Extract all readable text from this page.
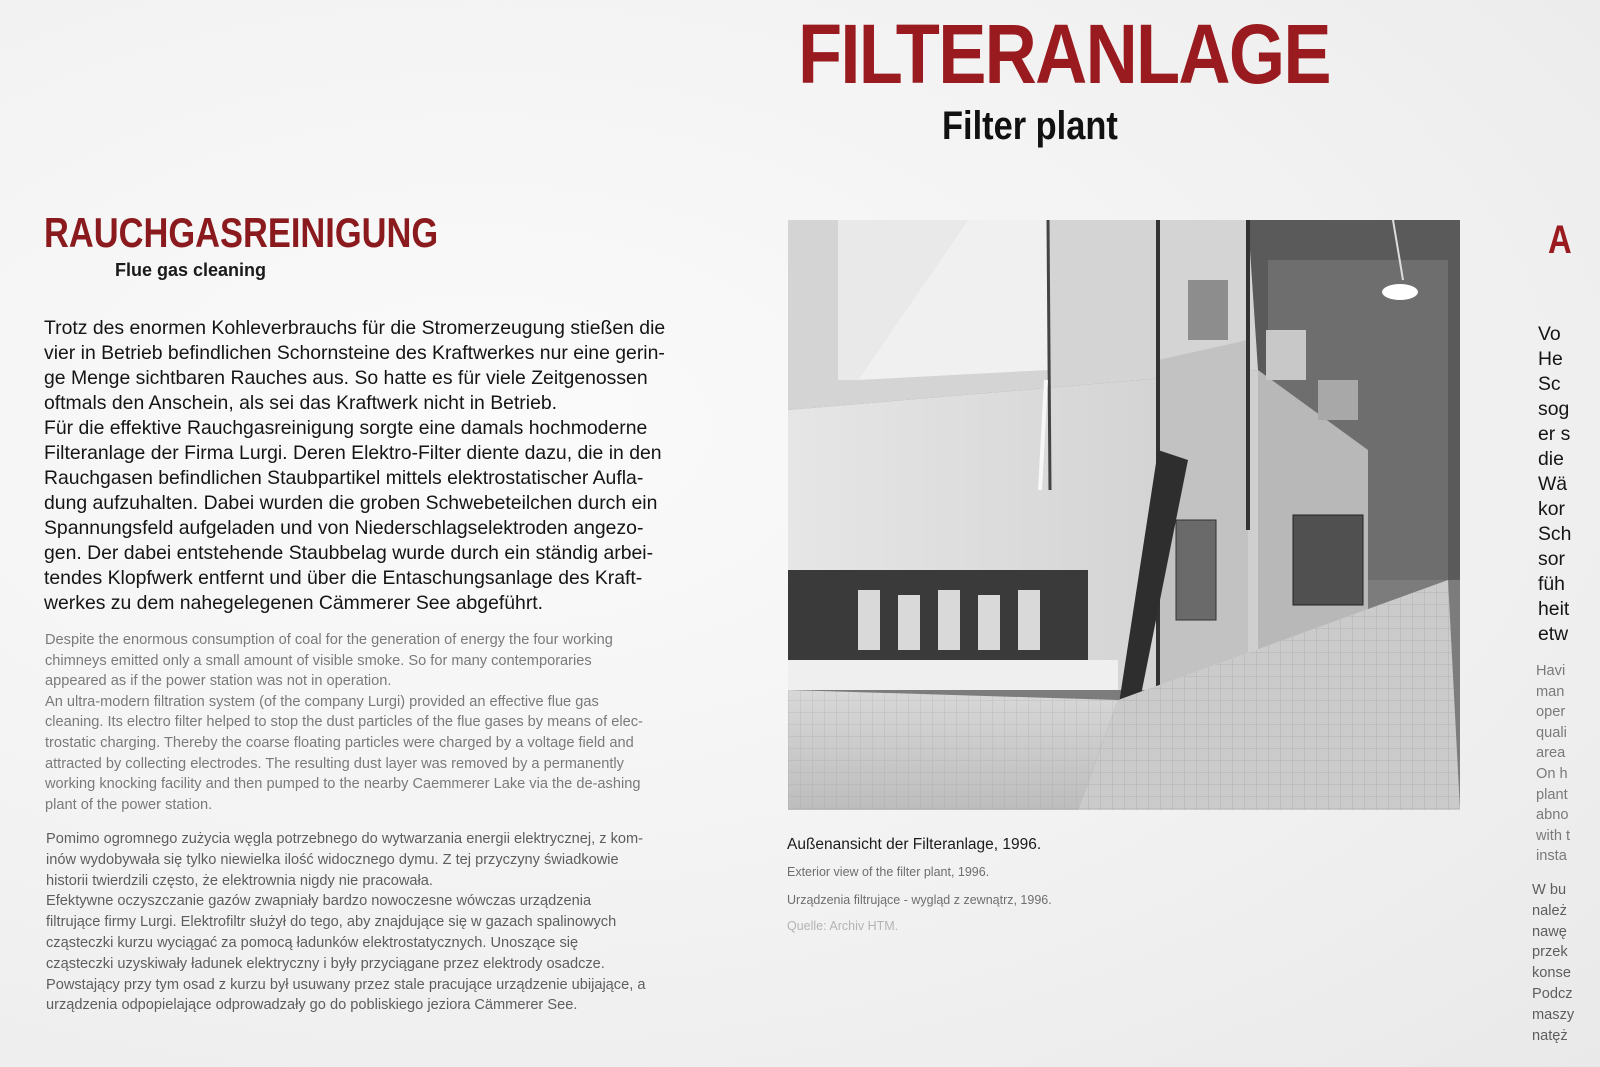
FILTERANLAGE
Filter plant
RAUCHGASREINIGUNG
Flue gas cleaning
Trotz des enormen Kohleverbrauchs für die Stromerzeugung stießen die
vier in Betrieb befindlichen Schornsteine des Kraftwerkes nur eine gerin-
ge Menge sichtbaren Rauches aus. So hatte es für viele Zeitgenossen
oftmals den Anschein, als sei das Kraftwerk nicht in Betrieb.
Für die effektive Rauchgasreinigung sorgte eine damals hochmoderne
Filteranlage der Firma Lurgi. Deren Elektro-Filter diente dazu, die in den
Rauchgasen befindlichen Staubpartikel mittels elektrostatischer Aufla-
dung aufzuhalten. Dabei wurden die groben Schwebeteilchen durch ein
Spannungsfeld aufgeladen und von Niederschlagselektroden angezo-
gen. Der dabei entstehende Staubbelag wurde durch ein ständig arbei-
tendes Klopfwerk entfernt und über die Entaschungsanlage des Kraft-
werkes zu dem nahegelegenen Cämmerer See abgeführt.
Despite the enormous consumption of coal for the generation of energy the four working
chimneys emitted only a small amount of visible smoke. So for many contemporaries
appeared as if the power station was not in operation.
An ultra-modern filtration system (of the company Lurgi) provided an effective flue gas
cleaning. Its electro filter helped to stop the dust particles of the flue gases by means of elec-
trostatic charging. Thereby the coarse floating particles were charged by a voltage field and
attracted by collecting electrodes. The resulting dust layer was removed by a permanently
working knocking facility and then pumped to the nearby Caemmerer Lake via the de-ashing
plant of the power station.
Pomimo ogromnego zużycia węgla potrzebnego do wytwarzania energii elektrycznej, z kom-
inów wydobywała się tylko niewielka ilość widocznego dymu. Z tej przyczyny świadkowie
historii twierdzili często, że elektrownia nigdy nie pracowała.
Efektywne oczyszczanie gazów zwapniały bardzo nowoczesne wówczas urządzenia
filtrujące firmy Lurgi. Elektrofiltr służył do tego, aby znajdujące się w gazach spalinowych
cząsteczki kurzu wyciągać za pomocą ładunków elektrostatycznych. Unoszące się
cząsteczki uzyskiwały ładunek elektryczny i były przyciągane przez elektrody osadcze.
Powstający przy tym osad z kurzu był usuwany przez stale pracujące urządzenie ubijające, a
urządzenia odpopielające odprowadzały go do pobliskiego jeziora Cämmerer See.
Außenansicht der Filteranlage, 1996.
Exterior view of the filter plant, 1996.
Urządzenia filtrujące - wygląd z zewnątrz, 1996.
Quelle: Archiv HTM.
A
Vo
He
Sc
sog
er s
die
Wä
kor
Sch
sor
füh
heit
etw
Havi
man
oper
quali
area
On h
plant
abno
with t
insta
W bu
należ
nawę
przek
konse
Podcz
maszy
natęż
